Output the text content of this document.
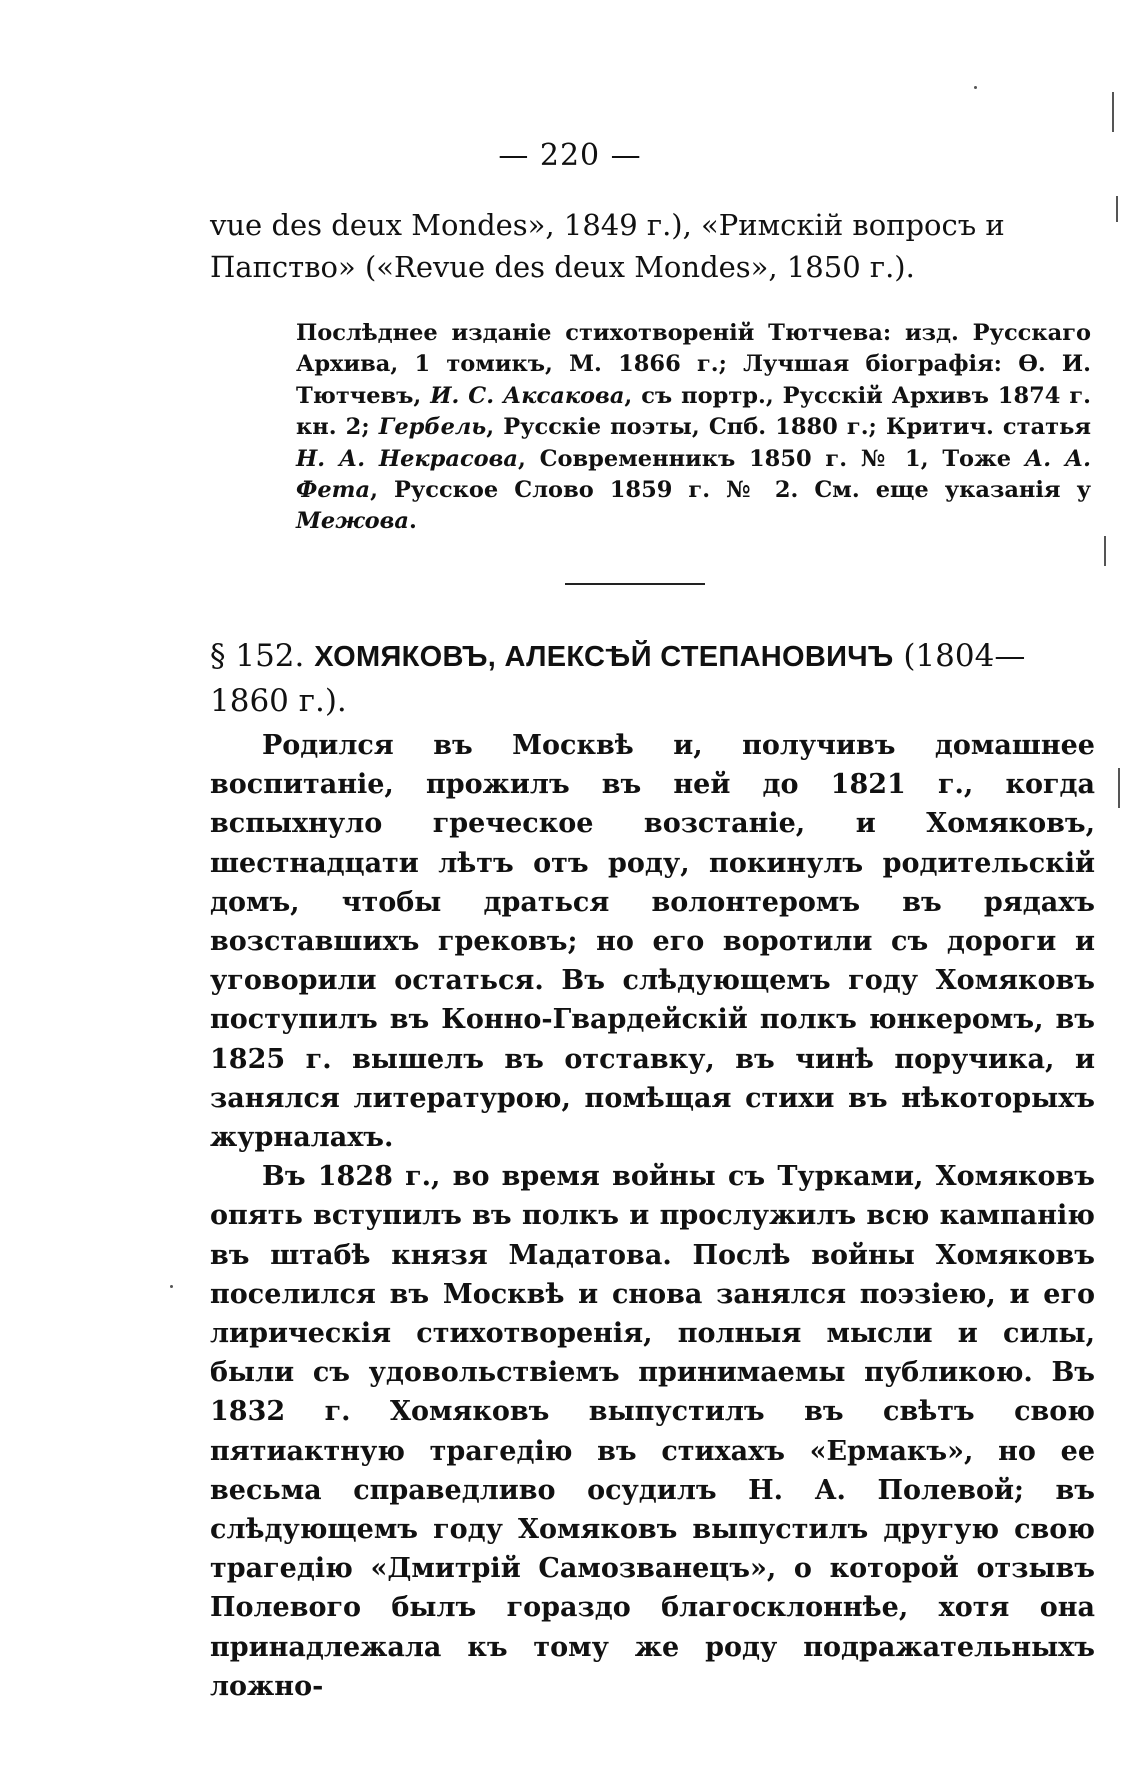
— 220 —
vue des deux Mondes», 1849 г.), «Римскій вопросъ и
Папство» («Revue des deux Mondes», 1850 г.).
Послѣднее изданіе стихотвореній Тютчева: изд. Русскаго Архива, 1 томикъ, М. 1866 г.; Лучшая біографія: Ѳ. И. Тютчевъ, И. С. Аксакова, съ портр., Русскій Архивъ 1874 г. кн. 2; Гербель, Русскіе поэты, Спб. 1880 г.; Критич. статья Н. А. Некрасова, Современникъ 1850 г. № 1, Тоже А. А. Фета, Русское Слово 1859 г. № 2. См. еще указанія у Межова.
§ 152. ХОМЯКОВЪ, АЛЕКСѢЙ СТЕПАНОВИЧЪ (1804—1860 г.).

Родился въ Москвѣ и, получивъ домашнее воспитаніе, прожилъ въ ней до 1821 г., когда вспыхнуло греческое возстаніе, и Хомяковъ, шестнадцати лѣтъ отъ роду, покинулъ родительскій домъ, чтобы драться волонтеромъ въ рядахъ возставшихъ грековъ; но его воротили съ дороги и уговорили остаться. Въ слѣдующемъ году Хомяковъ поступилъ въ Конно-Гвардейскій полкъ юнкеромъ, въ 1825 г. вышелъ въ отставку, въ чинѣ поручика, и занялся литературою, помѣщая стихи въ нѣкоторыхъ журналахъ.

Въ 1828 г., во время войны съ Турками, Хомяковъ опять вступилъ въ полкъ и прослужилъ всю кампанію въ штабѣ князя Мадатова. Послѣ войны Хомяковъ поселился въ Москвѣ и снова занялся поэзіею, и его лирическія стихотворенія, полныя мысли и силы, были съ удовольствіемъ принимаемы публикою. Въ 1832 г. Хомяковъ выпустилъ въ свѣтъ свою пятиактную трагедію въ стихахъ «Ермакъ», но ее весьма справедливо осудилъ Н. А. Полевой; въ слѣдующемъ году Хомяковъ выпустилъ другую свою трагедію «Дмитрій Самозванецъ», о которой отзывъ Полевого былъ гораздо благосклоннѣе, хотя она принадлежала къ тому же роду подражательныхъ ложно-
